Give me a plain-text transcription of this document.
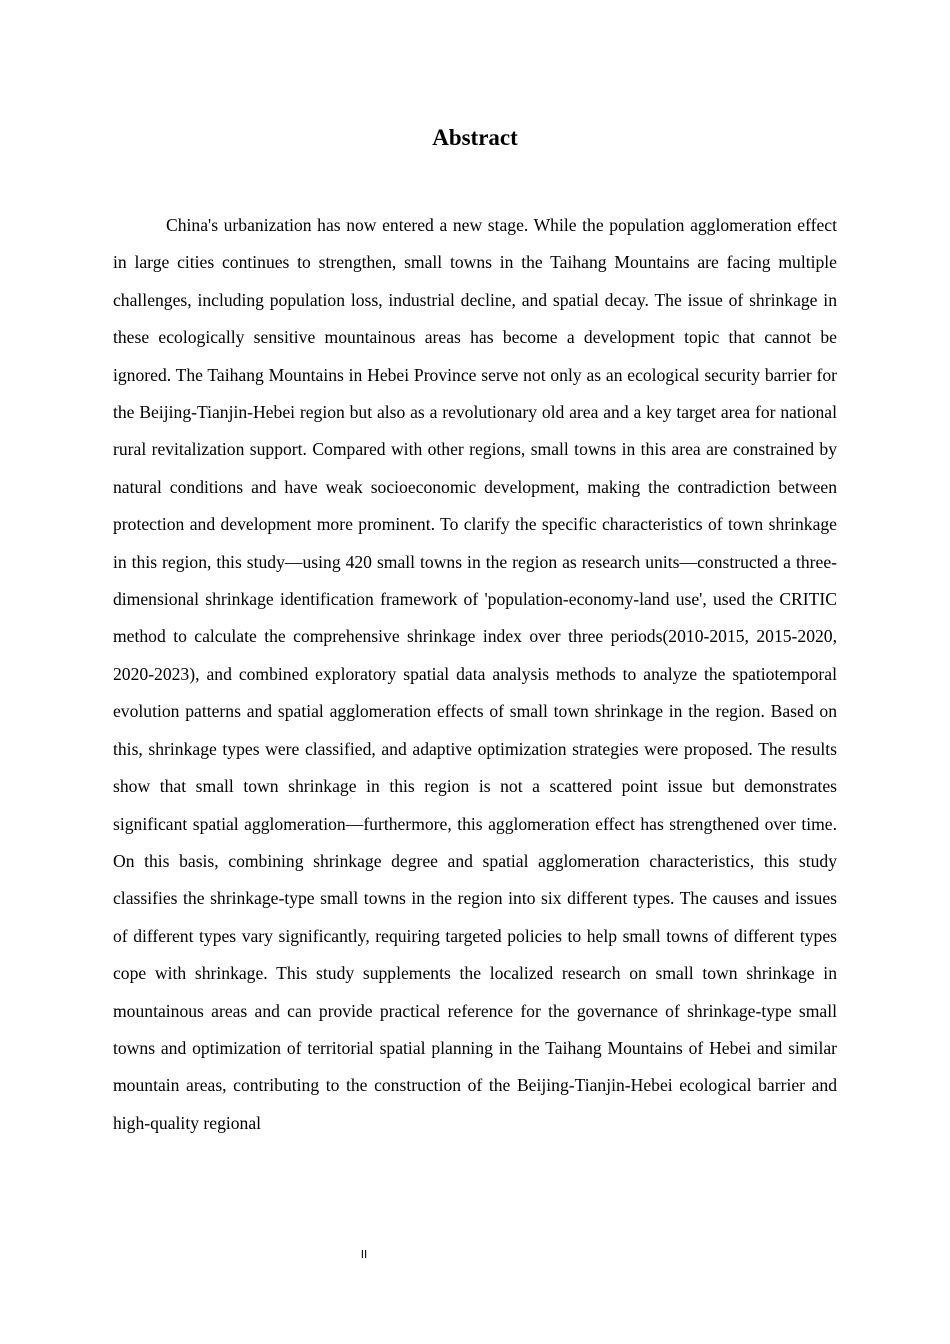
Abstract

China's urbanization has now entered a new stage. While the population agglomeration effect in large cities continues to strengthen, small towns in the Taihang Mountains are facing multiple challenges, including population loss, industrial decline, and spatial decay. The issue of shrinkage in these ecologically sensitive mountainous areas has become a development topic that cannot be ignored. The Taihang Mountains in Hebei Province serve not only as an ecological security barrier for the Beijing-Tianjin-Hebei region but also as a revolutionary old area and a key target area for national rural revitalization support. Compared with other regions, small towns in this area are constrained by natural conditions and have weak socioeconomic development, making the contradiction between protection and development more prominent. To clarify the specific characteristics of town shrinkage in this region, this study—using 420 small towns in the region as research units—constructed a three-dimensional shrinkage identification framework of 'population-economy-land use', used the CRITIC method to calculate the comprehensive shrinkage index over three periods(2010-2015, 2015-2020, 2020-2023), and combined exploratory spatial data analysis methods to analyze the spatiotemporal evolution patterns and spatial agglomeration effects of small town shrinkage in the region. Based on this, shrinkage types were classified, and adaptive optimization strategies were proposed. The results show that small town shrinkage in this region is not a scattered point issue but demonstrates significant spatial agglomeration—furthermore, this agglomeration effect has strengthened over time. On this basis, combining shrinkage degree and spatial agglomeration characteristics, this study classifies the shrinkage-type small towns in the region into six different types. The causes and issues of different types vary significantly, requiring targeted policies to help small towns of different types cope with shrinkage. This study supplements the localized research on small town shrinkage in mountainous areas and can provide practical reference for the governance of shrinkage-type small towns and optimization of territorial spatial planning in the Taihang Mountains of Hebei and similar mountain areas, contributing to the construction of the Beijing-Tianjin-Hebei ecological barrier and high-quality regional

II
